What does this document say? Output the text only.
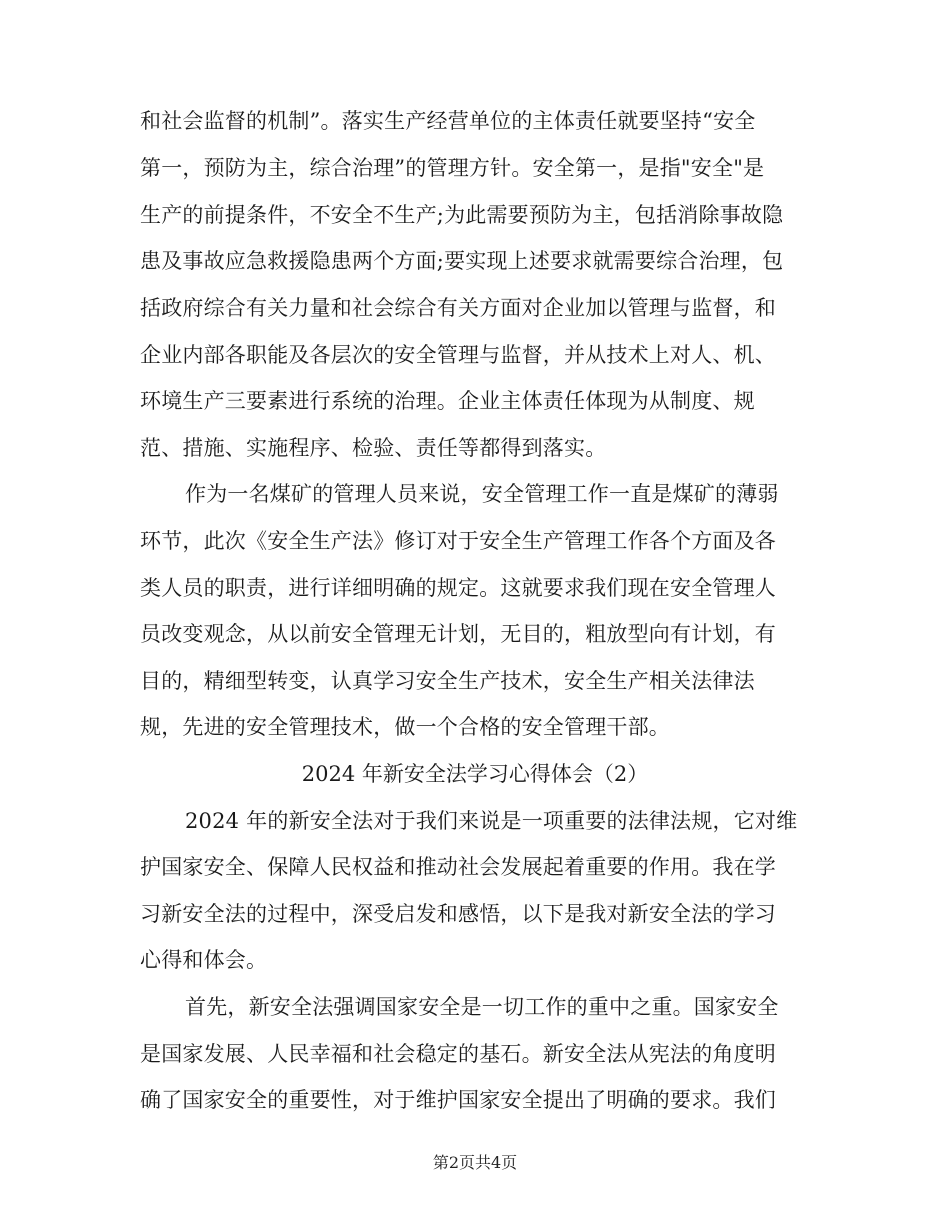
和社会监督的机制”。落实生产经营单位的主体责任就要坚持“安全
第一，预防为主，综合治理”的管理方针。安全第一，是指"安全"是
生产的前提条件，不安全不生产;为此需要预防为主，包括消除事故隐
患及事故应急救援隐患两个方面;要实现上述要求就需要综合治理，包
括政府综合有关力量和社会综合有关方面对企业加以管理与监督，和
企业内部各职能及各层次的安全管理与监督，并从技术上对人、机、
环境生产三要素进行系统的治理。企业主体责任体现为从制度、规
范、措施、实施程序、检验、责任等都得到落实。
作为一名煤矿的管理人员来说，安全管理工作一直是煤矿的薄弱
环节，此次《安全生产法》修订对于安全生产管理工作各个方面及各
类人员的职责，进行详细明确的规定。这就要求我们现在安全管理人
员改变观念，从以前安全管理无计划，无目的，粗放型向有计划，有
目的，精细型转变，认真学习安全生产技术，安全生产相关法律法
规，先进的安全管理技术，做一个合格的安全管理干部。
2024 年新安全法学习心得体会（2）
2024 年的新安全法对于我们来说是一项重要的法律法规，它对维
护国家安全、保障人民权益和推动社会发展起着重要的作用。我在学
习新安全法的过程中，深受启发和感悟，以下是我对新安全法的学习
心得和体会。
首先，新安全法强调国家安全是一切工作的重中之重。国家安全
是国家发展、人民幸福和社会稳定的基石。新安全法从宪法的角度明
确了国家安全的重要性，对于维护国家安全提出了明确的要求。我们
第2页共4页
